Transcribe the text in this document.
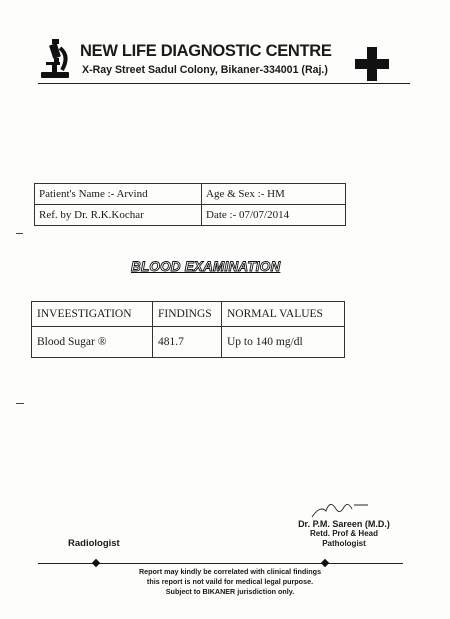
NEW LIFE DIAGNOSTIC CENTRE
X-Ray Street Sadul Colony, Bikaner-334001 (Raj.)
Patient's Name :- Arvind	Age & Sex :- HM
Ref. by Dr. R.K.Kochar	Date :- 07/07/2014
BLOOD EXAMINATION
INVEESTIGATION	FINDINGS	NORMAL VALUES
Blood Sugar ®	481.7	Up to 140 mg/dl
Radiologist
Dr. P.M. Sareen (M.D.)
Retd. Prof & Head
Pathologist
Report may kindly be correlated with clinical findings
this report is not vaild for medical legal purpose.
Subject to BIKANER jurisdiction only.
